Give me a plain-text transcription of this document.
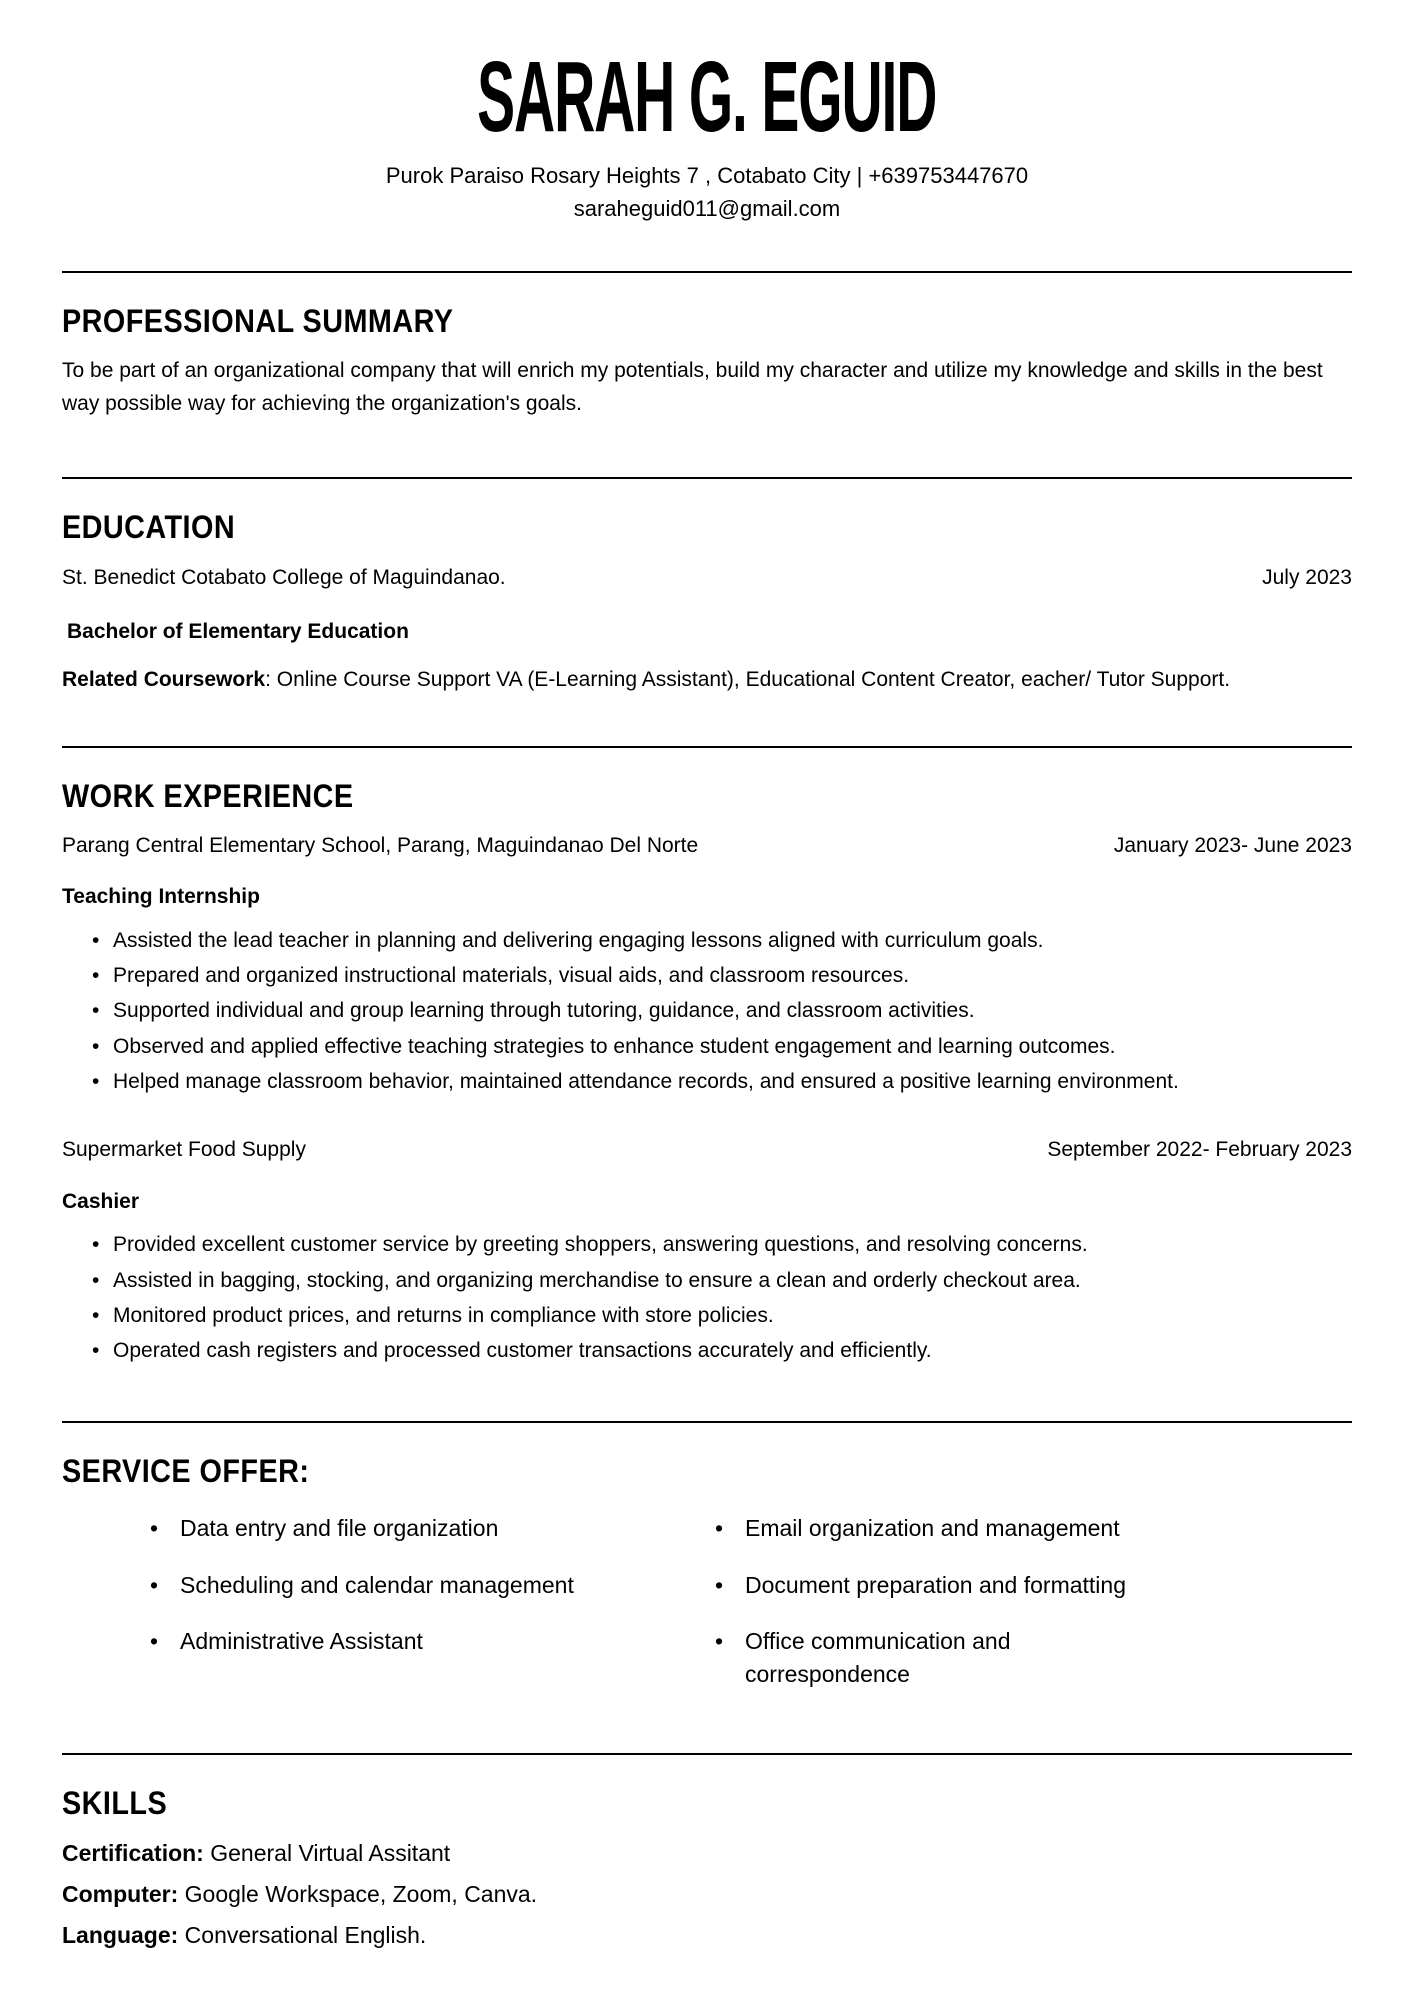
SARAH G. EGUID
Purok Paraiso Rosary Heights 7 , Cotabato City | +639753447670
saraheguid011@gmail.com
PROFESSIONAL SUMMARY

To be part of an organizational company that will enrich my potentials, build my character and utilize my knowledge and skills in the best way possible way for achieving the organization's goals.

EDUCATION
St. Benedict Cotabato College of Maguindanao.	July 2023
Bachelor of Elementary Education

Related Coursework: Online Course Support VA (E-Learning Assistant), Educational Content Creator, eacher/ Tutor Support.

WORK EXPERIENCE
Parang Central Elementary School, Parang, Maguindanao Del Norte	January 2023- June 2023
Teaching Internship
• Assisted the lead teacher in planning and delivering engaging lessons aligned with curriculum goals.
• Prepared and organized instructional materials, visual aids, and classroom resources.
• Supported individual and group learning through tutoring, guidance, and classroom activities.
• Observed and applied effective teaching strategies to enhance student engagement and learning outcomes.
• Helped manage classroom behavior, maintained attendance records, and ensured a positive learning environment.
Supermarket Food Supply	September 2022- February 2023
Cashier
• Provided excellent customer service by greeting shoppers, answering questions, and resolving concerns.
• Assisted in bagging, stocking, and organizing merchandise to ensure a clean and orderly checkout area.
• Monitored product prices, and returns in compliance with store policies.
• Operated cash registers and processed customer transactions accurately and efficiently.
SERVICE OFFER:
• Data entry and file organization
• Scheduling and calendar management
• Administrative Assistant
• Email organization and management
• Document preparation and formatting
• Office communication and correspondence
SKILLS
Certification: General Virtual Assitant
Computer: Google Workspace, Zoom, Canva.
Language: Conversational English.
